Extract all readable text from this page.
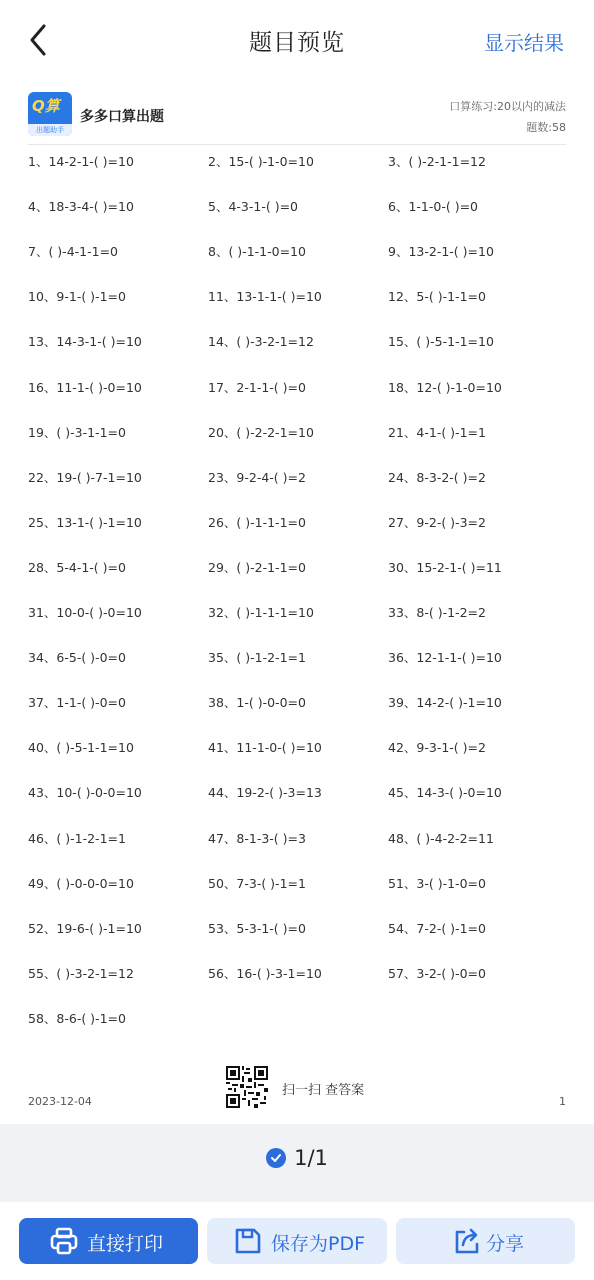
题目预览	显示结果
Q算
出题助手
多多口算出题
口算练习:20以内的减法
题数:58
1、14-2-1-( )=10	2、15-( )-1-0=10	3、( )-2-1-1=12
4、18-3-4-( )=10	5、4-3-1-( )=0	6、1-1-0-( )=0
7、( )-4-1-1=0	8、( )-1-1-0=10	9、13-2-1-( )=10
10、9-1-( )-1=0	11、13-1-1-( )=10	12、5-( )-1-1=0
13、14-3-1-( )=10	14、( )-3-2-1=12	15、( )-5-1-1=10
16、11-1-( )-0=10	17、2-1-1-( )=0	18、12-( )-1-0=10
19、( )-3-1-1=0	20、( )-2-2-1=10	21、4-1-( )-1=1
22、19-( )-7-1=10	23、9-2-4-( )=2	24、8-3-2-( )=2
25、13-1-( )-1=10	26、( )-1-1-1=0	27、9-2-( )-3=2
28、5-4-1-( )=0	29、( )-2-1-1=0	30、15-2-1-( )=11
31、10-0-( )-0=10	32、( )-1-1-1=10	33、8-( )-1-2=2
34、6-5-( )-0=0	35、( )-1-2-1=1	36、12-1-1-( )=10
37、1-1-( )-0=0	38、1-( )-0-0=0	39、14-2-( )-1=10
40、( )-5-1-1=10	41、11-1-0-( )=10	42、9-3-1-( )=2
43、10-( )-0-0=10	44、19-2-( )-3=13	45、14-3-( )-0=10
46、( )-1-2-1=1	47、8-1-3-( )=3	48、( )-4-2-2=11
49、( )-0-0-0=10	50、7-3-( )-1=1	51、3-( )-1-0=0
52、19-6-( )-1=10	53、5-3-1-( )=0	54、7-2-( )-1=0
55、( )-3-2-1=12	56、16-( )-3-1=10	57、3-2-( )-0=0
58、8-6-( )-1=0
扫一扫 查答案
2023-12-04	1
1/1
直接打印	保存为PDF	分享
